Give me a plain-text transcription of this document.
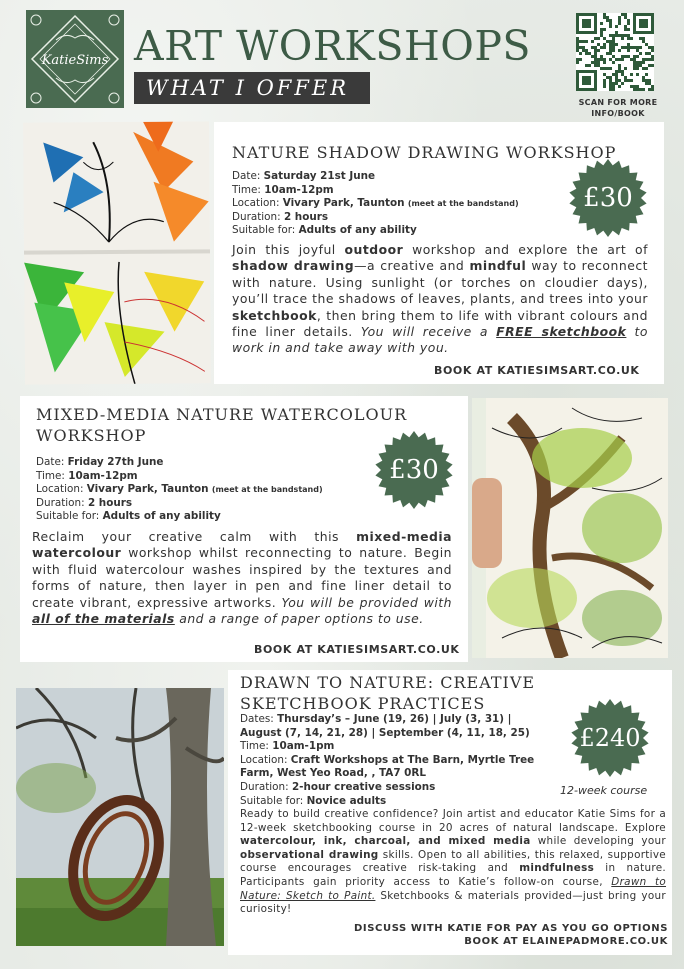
KatieSims ART WORKSHOPS
WHAT I OFFER
SCAN FOR MORE INFO/BOOK
NATURE SHADOW DRAWING WORKSHOP
Date: Saturday 21st June
Time: 10am-12pm
Location: Vivary Park, Taunton (meet at the bandstand)
Duration: 2 hours
Suitable for: Adults of any ability
£30
Join this joyful outdoor workshop and explore the art of shadow drawing—a creative and mindful way to reconnect with nature. Using sunlight (or torches on cloudier days), you’ll trace the shadows of leaves, plants, and trees into your sketchbook, then bring them to life with vibrant colours and fine liner details. You will receive a FREE sketchbook to work in and take away with you.
BOOK AT KATIESIMSART.CO.UK
MIXED-MEDIA NATURE WATERCOLOUR WORKSHOP
Date: Friday 27th June
Time: 10am-12pm
Location: Vivary Park, Taunton (meet at the bandstand)
Duration: 2 hours
Suitable for: Adults of any ability
£30
Reclaim your creative calm with this mixed-media watercolour workshop whilst reconnecting to nature. Begin with fluid watercolour washes inspired by the textures and forms of nature, then layer in pen and fine liner detail to create vibrant, expressive artworks. You will be provided with all of the materials and a range of paper options to use.
BOOK AT KATIESIMSART.CO.UK
DRAWN TO NATURE: CREATIVE SKETCHBOOK PRACTICES
Dates: Thursday’s – June (19, 26) | July (3, 31) | August (7, 14, 21, 28) | September (4, 11, 18, 25)
Time: 10am-1pm
Location: Craft Workshops at The Barn, Myrtle Tree Farm, West Yeo Road, , TA7 0RL
Duration: 2-hour creative sessions
Suitable for: Novice adults
£240
12-week course
Ready to build creative confidence? Join artist and educator Katie Sims for a 12-week sketchbooking course in 20 acres of natural landscape. Explore watercolour, ink, charcoal, and mixed media while developing your observational drawing skills. Open to all abilities, this relaxed, supportive course encourages creative risk-taking and mindfulness in nature. Participants gain priority access to Katie’s follow-on course, Drawn to Nature: Sketch to Paint. Sketchbooks & materials provided—just bring your curiosity!
DISCUSS WITH KATIE FOR PAY AS YOU GO OPTIONS
BOOK AT ELAINEPADMORE.CO.UK
